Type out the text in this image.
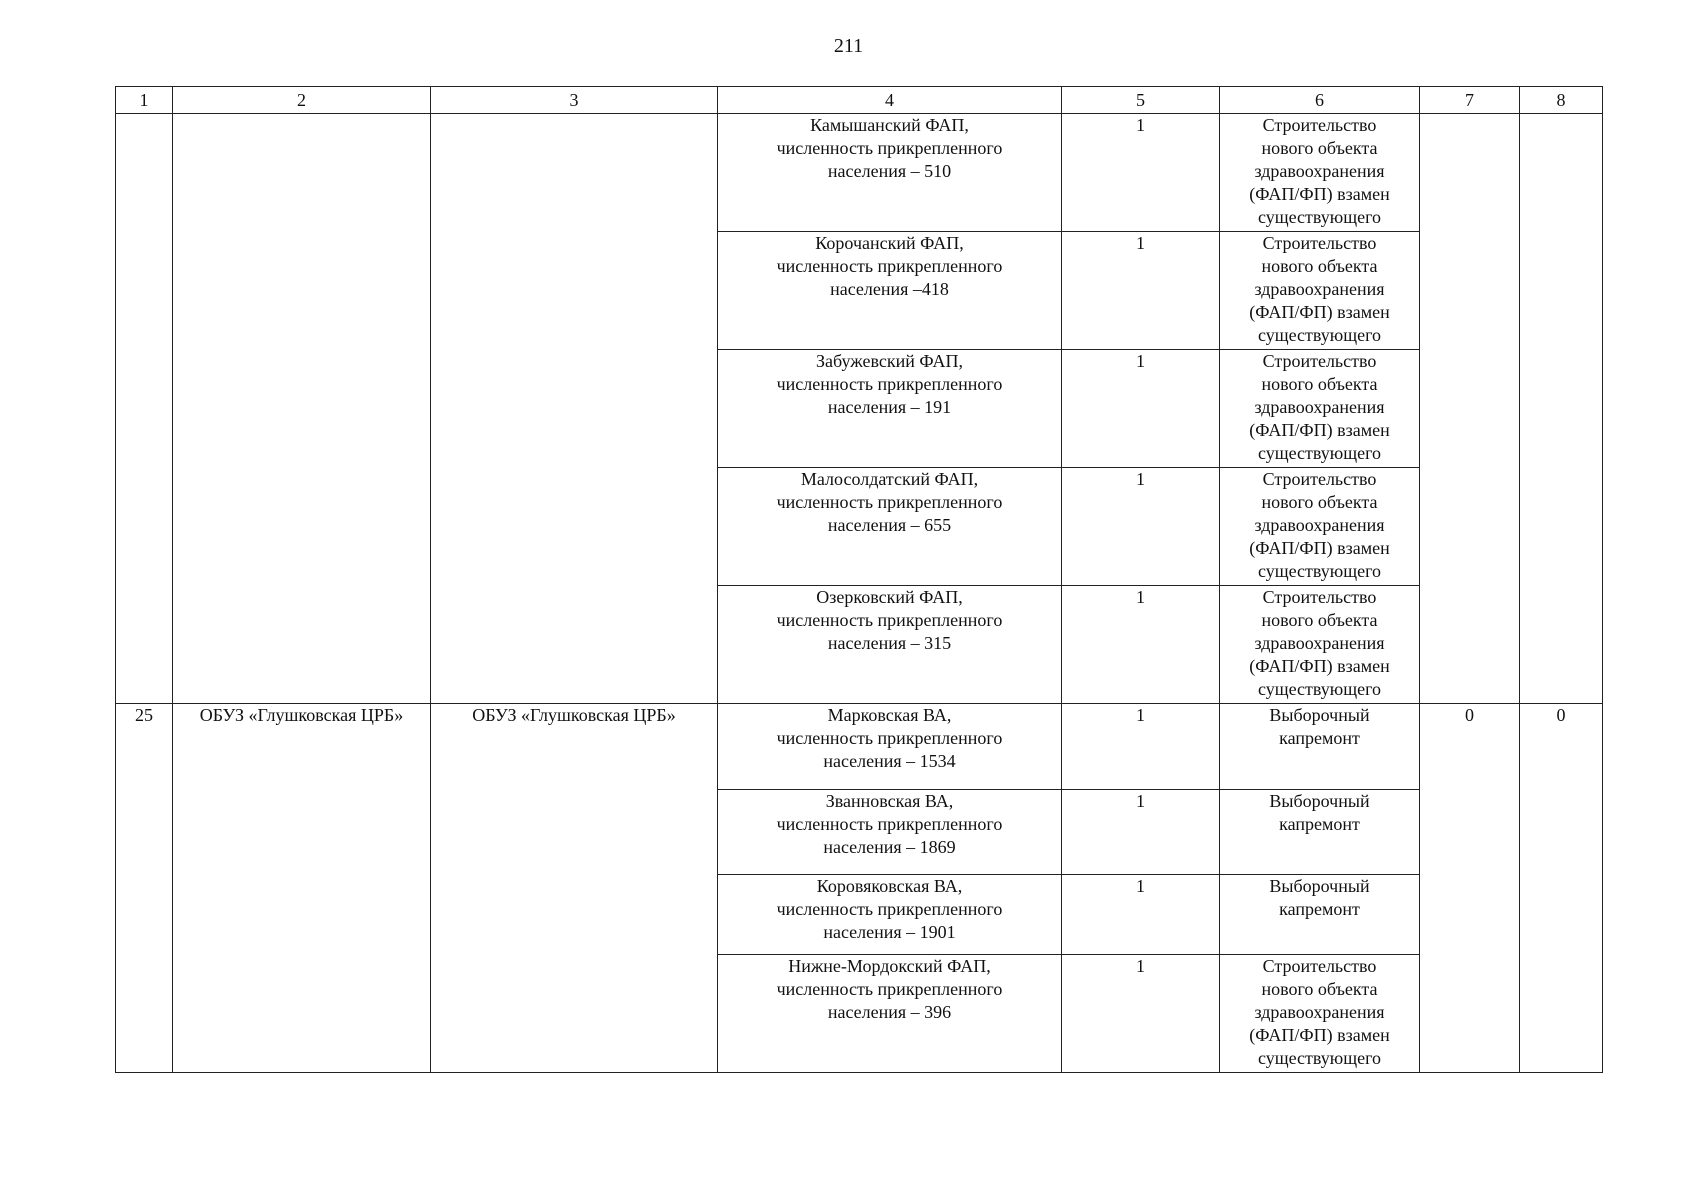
211
1	2	3	4	5	6	7	8

			Камышанский ФАП,
численность прикрепленного
населения – 510	1	Строительство
нового объекта
здравоохранения
(ФАП/ФП) взамен
существующего		

			Корочанский ФАП,
численность прикрепленного
населения –418	1	Строительство
нового объекта
здравоохранения
(ФАП/ФП) взамен
существующего		

			Забужевский ФАП,
численность прикрепленного
населения – 191	1	Строительство
нового объекта
здравоохранения
(ФАП/ФП) взамен
существующего		

			Малосолдатский ФАП,
численность прикрепленного
населения – 655	1	Строительство
нового объекта
здравоохранения
(ФАП/ФП) взамен
существующего		

			Озерковский ФАП,
численность прикрепленного
населения – 315	1	Строительство
нового объекта
здравоохранения
(ФАП/ФП) взамен
существующего		

25	ОБУЗ «Глушковская ЦРБ»	ОБУЗ «Глушковская ЦРБ»	Марковская ВА,
численность прикрепленного
населения – 1534	1	Выборочный
капремонт	0	0

			Званновская ВА,
численность прикрепленного
населения – 1869	1	Выборочный
капремонт		

			Коровяковская ВА,
численность прикрепленного
населения – 1901	1	Выборочный
капремонт		

			Нижне-Мордокский ФАП,
численность прикрепленного
населения – 396	1	Строительство
нового объекта
здравоохранения
(ФАП/ФП) взамен
существующего		
